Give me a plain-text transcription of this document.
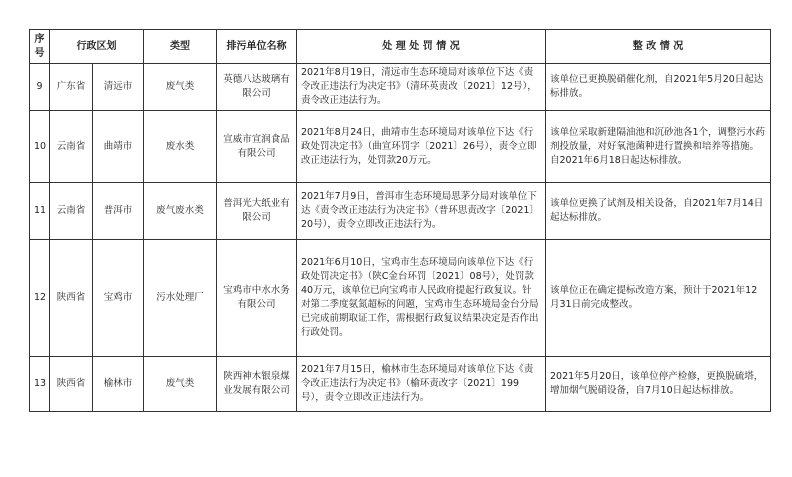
序号	行政区划		类型	排污单位名称	处 理 处 罚 情 况	整 改 情 况
9	广东省	清远市	废气类	英德八达玻璃有限公司	2021年8月19日，清远市生态环境局对该单位下达《责令改正违法行为决定书》（清环英责改〔2021〕12号），责令改正违法行为。	该单位已更换脱硝催化剂，自2021年5月20日起达标排放。
10	云南省	曲靖市	废水类	宣威市宣润食品有限公司	2021年8月24日，曲靖市生态环境局对该单位下达《行政处罚决定书》（曲宣环罚字〔2021〕26号），责令立即改正违法行为，处罚款20万元。	该单位采取新建隔油池和沉砂池各1个，调整污水药剂投放量，对好氧池菌种进行置换和培养等措施。自2021年6月18日起达标排放。
11	云南省	普洱市	废气废水类	普洱光大纸业有限公司	2021年7月9日，普洱市生态环境局思茅分局对该单位下达《责令改正违法行为决定书》（普环思责改字〔2021〕20号），责令立即改正违法行为。	该单位更换了试剂及相关设备，自2021年7月14日起达标排放。
12	陕西省	宝鸡市	污水处理厂	宝鸡市中水水务有限公司	2021年6月10日，宝鸡市生态环境局向该单位下达《行政处罚决定书》（陕C金台环罚〔2021〕08号），处罚款40万元，该单位已向宝鸡市人民政府提起行政复议。针对第二季度氨氮超标的问题，宝鸡市生态环境局金台分局已完成前期取证工作，需根据行政复议结果决定是否作出行政处罚。	该单位正在确定提标改造方案，预计于2021年12月31日前完成整改。
13	陕西省	榆林市	废气类	陕西神木银泉煤业发展有限公司	2021年7月15日，榆林市生态环境局对该单位下达《责令改正违法行为决定书》（榆环责改字〔2021〕199号），责令立即改正违法行为。	2021年5月20日，该单位停产检修，更换脱硫塔，增加烟气脱硝设备，自7月10日起达标排放。
